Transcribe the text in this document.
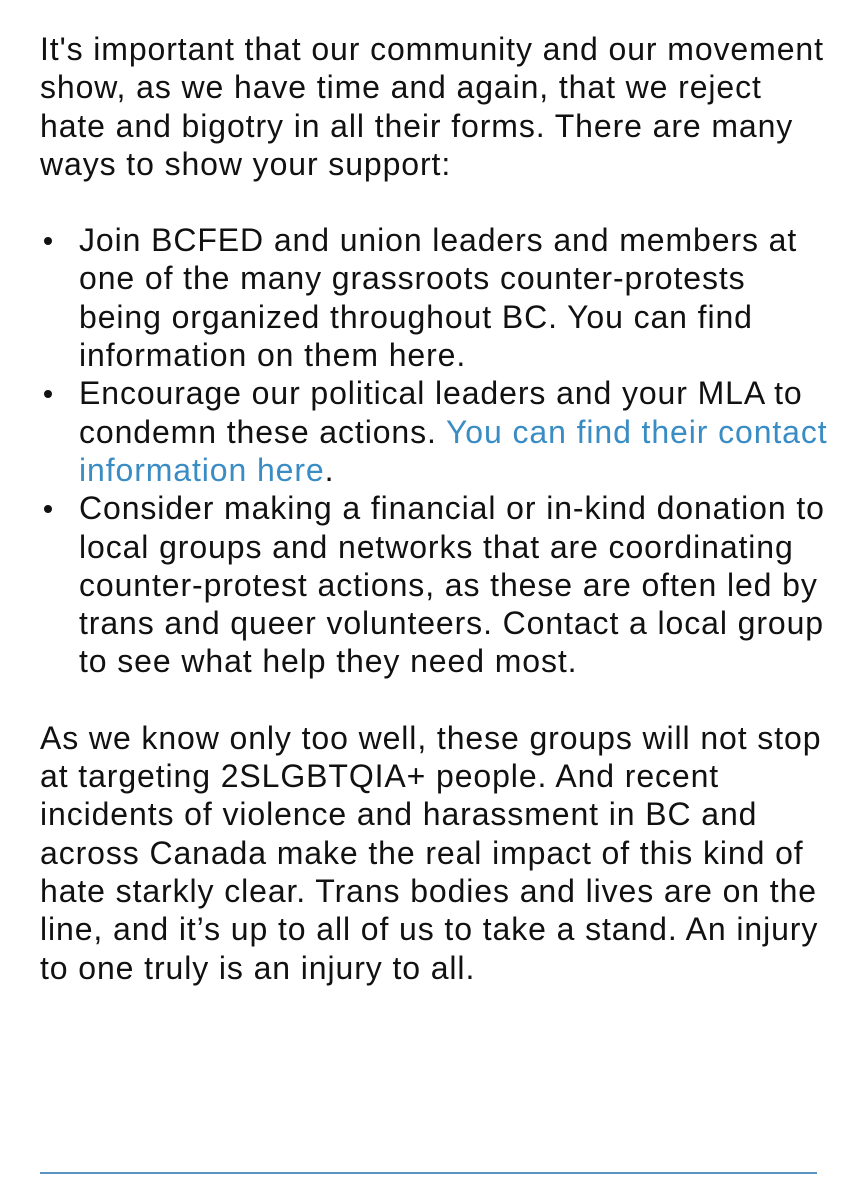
It's important that our community and our movement show, as we have time and again, that we reject hate and bigotry in all their forms. There are many ways to show your support:

Join BCFED and union leaders and members at one of the many grassroots counter-protests being organized throughout BC. You can find information on them here.
Encourage our political leaders and your MLA to condemn these actions. You can find their contact information here.
Consider making a financial or in-kind donation to local groups and networks that are coordinating counter-protest actions, as these are often led by trans and queer volunteers. Contact a local group to see what help they need most.

As we know only too well, these groups will not stop at targeting 2SLGBTQIA+ people. And recent incidents of violence and harassment in BC and across Canada make the real impact of this kind of hate starkly clear. Trans bodies and lives are on the line, and it’s up to all of us to take a stand. An injury to one truly is an injury to all.
